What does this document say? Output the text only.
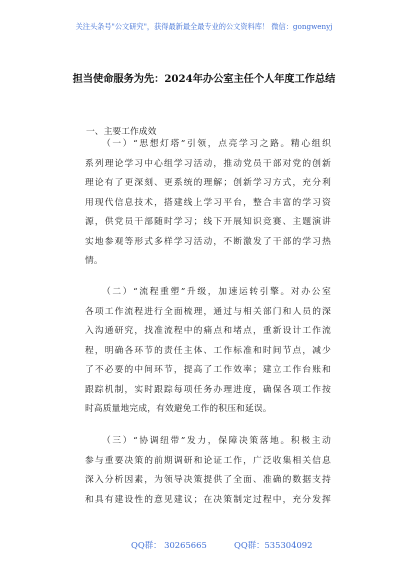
关注头条号"公文研究"，获得最新最全最专业的公文资料库！ 微信：gongwenyj
担当使命服务为先：2024年办公室主任个人年度工作总结
一、主要工作成效
（一）“思想灯塔”引领，点亮学习之路。精心组织
系列理论学习中心组学习活动，推动党员干部对党的创新
理论有了更深刻、更系统的理解；创新学习方式，充分利
用现代信息技术，搭建线上学习平台，整合丰富的学习资
源，供党员干部随时学习；线下开展知识竞赛、主题演讲
实地参观等形式多样学习活动，不断激发了干部的学习热
情。
（二）“流程重塑”升级，加速运转引擎。对办公室
各项工作流程进行全面梳理，通过与相关部门和人员的深
入沟通研究，找准流程中的痛点和堵点，重新设计工作流
程，明确各环节的责任主体、工作标准和时间节点，减少
了不必要的中间环节，提高了工作效率；建立工作台账和
跟踪机制，实时跟踪每项任务办理进度，确保各项工作按
时高质量地完成，有效避免工作的积压和延误。
（三）“协调纽带”发力，保障决策落地。积极主动
参与重要决策的前期调研和论证工作，广泛收集相关信息
深入分析因素，为领导决策提供了全面、准确的数据支持
和具有建设性的意见建议；在决策制定过程中，充分发挥
QQ群： 30265665	QQ群：535304092
